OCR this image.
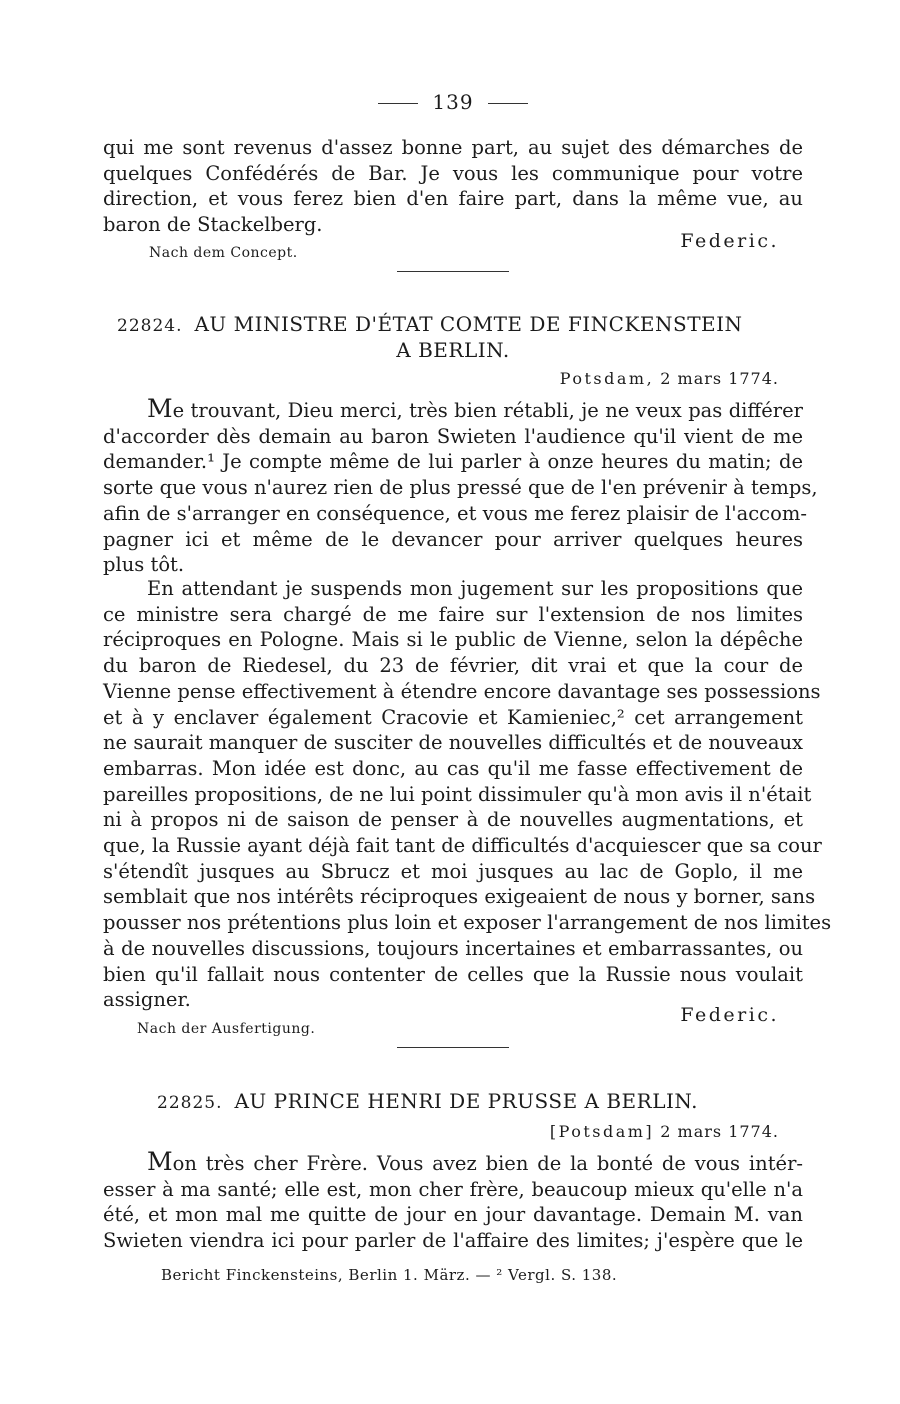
139
qui me sont revenus d'assez bonne part, au sujet des démarches de
quelques Confédérés de Bar. Je vous les communique pour votre
direction, et vous ferez bien d'en faire part, dans la même vue, au
baron de Stackelberg.
Federic.
Nach dem Concept.
22824. AU MINISTRE D'ÉTAT COMTE DE FINCKENSTEIN
A BERLIN.
Potsdam, 2 mars 1774.
Me trouvant, Dieu merci, très bien rétabli, je ne veux pas différer
d'accorder dès demain au baron Swieten l'audience qu'il vient de me
demander.¹ Je compte même de lui parler à onze heures du matin; de
sorte que vous n'aurez rien de plus pressé que de l'en prévenir à temps,
afin de s'arranger en conséquence, et vous me ferez plaisir de l'accom-
pagner ici et même de le devancer pour arriver quelques heures
plus tôt.
En attendant je suspends mon jugement sur les propositions que
ce ministre sera chargé de me faire sur l'extension de nos limites
réciproques en Pologne. Mais si le public de Vienne, selon la dépêche
du baron de Riedesel, du 23 de février, dit vrai et que la cour de
Vienne pense effectivement à étendre encore davantage ses possessions
et à y enclaver également Cracovie et Kamieniec,² cet arrangement
ne saurait manquer de susciter de nouvelles difficultés et de nouveaux
embarras. Mon idée est donc, au cas qu'il me fasse effectivement de
pareilles propositions, de ne lui point dissimuler qu'à mon avis il n'était
ni à propos ni de saison de penser à de nouvelles augmentations, et
que, la Russie ayant déjà fait tant de difficultés d'acquiescer que sa cour
s'étendît jusques au Sbrucz et moi jusques au lac de Goplo, il me
semblait que nos intérêts réciproques exigeaient de nous y borner, sans
pousser nos prétentions plus loin et exposer l'arrangement de nos limites
à de nouvelles discussions, toujours incertaines et embarrassantes, ou
bien qu'il fallait nous contenter de celles que la Russie nous voulait
assigner.
Federic.
Nach der Ausfertigung.
22825. AU PRINCE HENRI DE PRUSSE A BERLIN.
[Potsdam] 2 mars 1774.
Mon très cher Frère. Vous avez bien de la bonté de vous intér-
esser à ma santé; elle est, mon cher frère, beaucoup mieux qu'elle n'a
été, et mon mal me quitte de jour en jour davantage. Demain M. van
Swieten viendra ici pour parler de l'affaire des limites; j'espère que le
Bericht Finckensteins, Berlin 1. März. — ² Vergl. S. 138.
